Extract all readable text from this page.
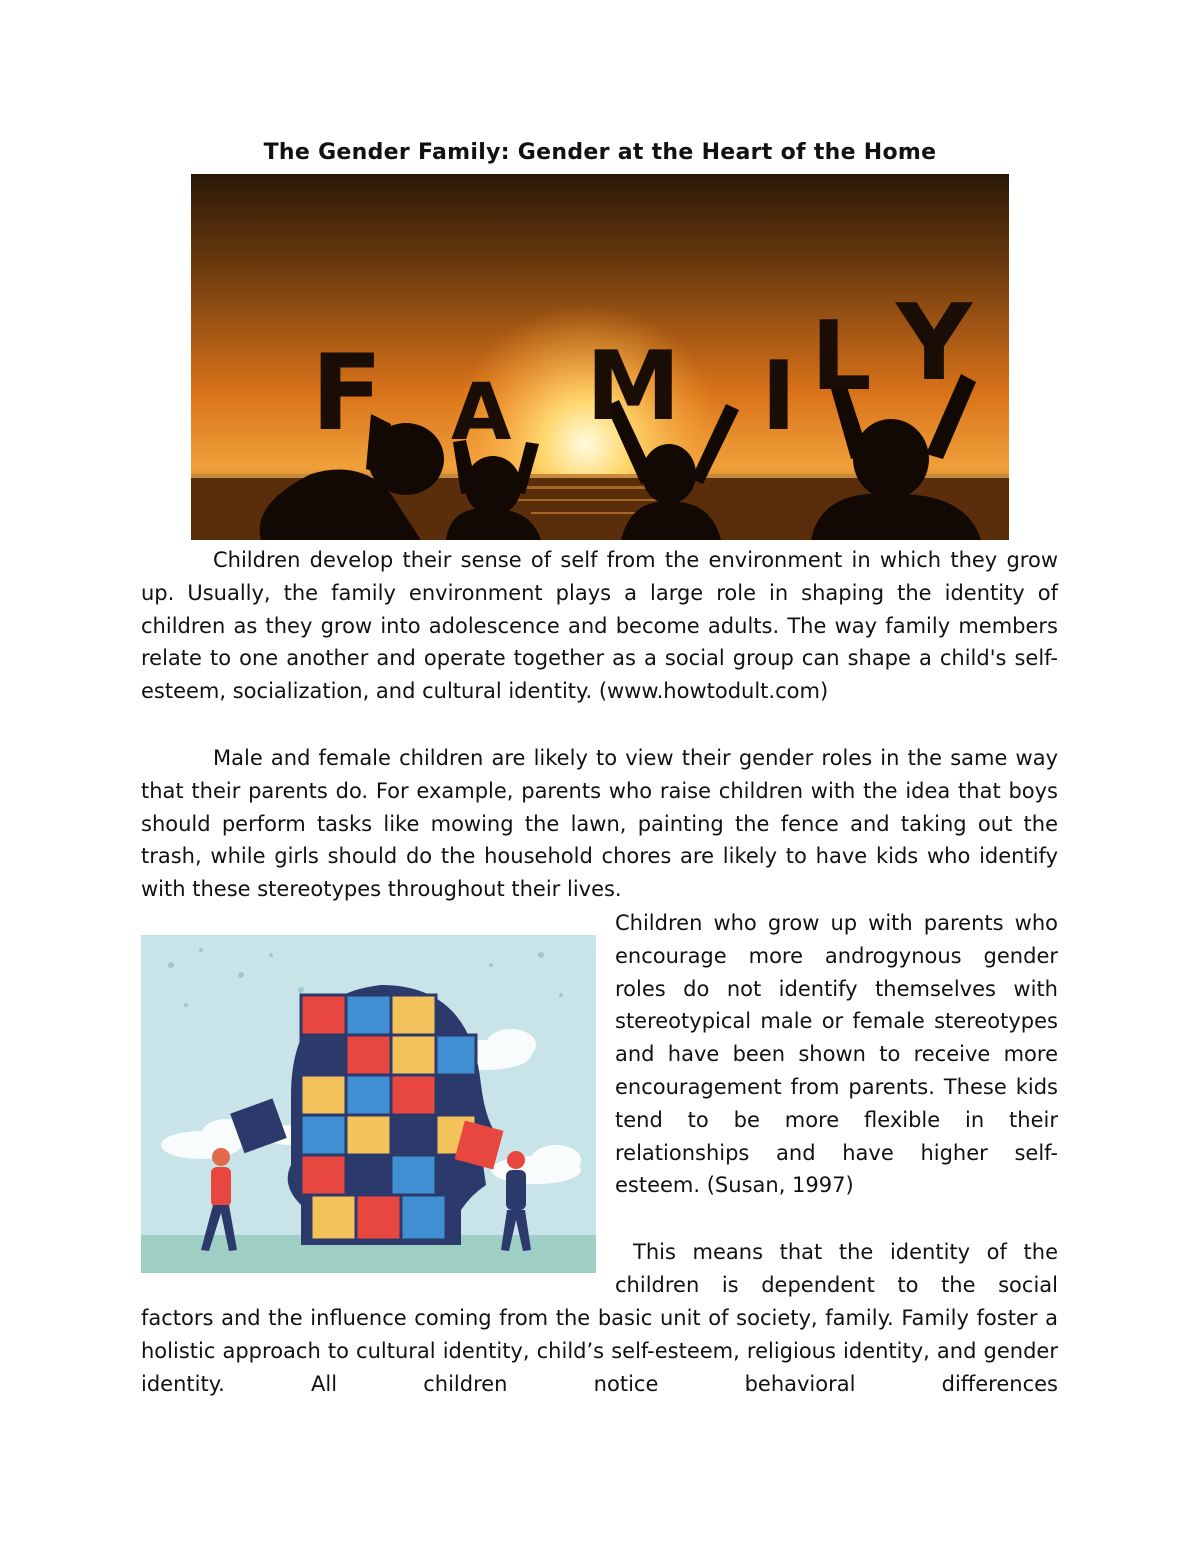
The Gender Family: Gender at the Heart of the Home
F A M I L Y

Children develop their sense of self from the environment in which they grow up. Usually, the family environment plays a large role in shaping the identity of children as they grow into adolescence and become adults. The way family members relate to one another and operate together as a social group can shape a child's self-esteem, socialization, and cultural identity. (www.howtodult.com)

Male and female children are likely to view their gender roles in the same way that their parents do. For example, parents who raise children with the idea that boys should perform tasks like mowing the lawn, painting the fence and taking out the trash, while girls should do the household chores are likely to have kids who identify with these stereotypes throughout their lives.

Children who grow up with parents who encourage more androgynous gender roles do not identify themselves with stereotypical male or female stereotypes and have been shown to receive more encouragement from parents. These kids tend to be more flexible in their relationships and have higher self-esteem. (Susan, 1997)

This means that the identity of the children is dependent to the social

factors and the influence coming from the basic unit of society, family. Family foster a holistic approach to cultural identity, child’s self-esteem, religious identity, and gender identity. All children notice behavioral differences
